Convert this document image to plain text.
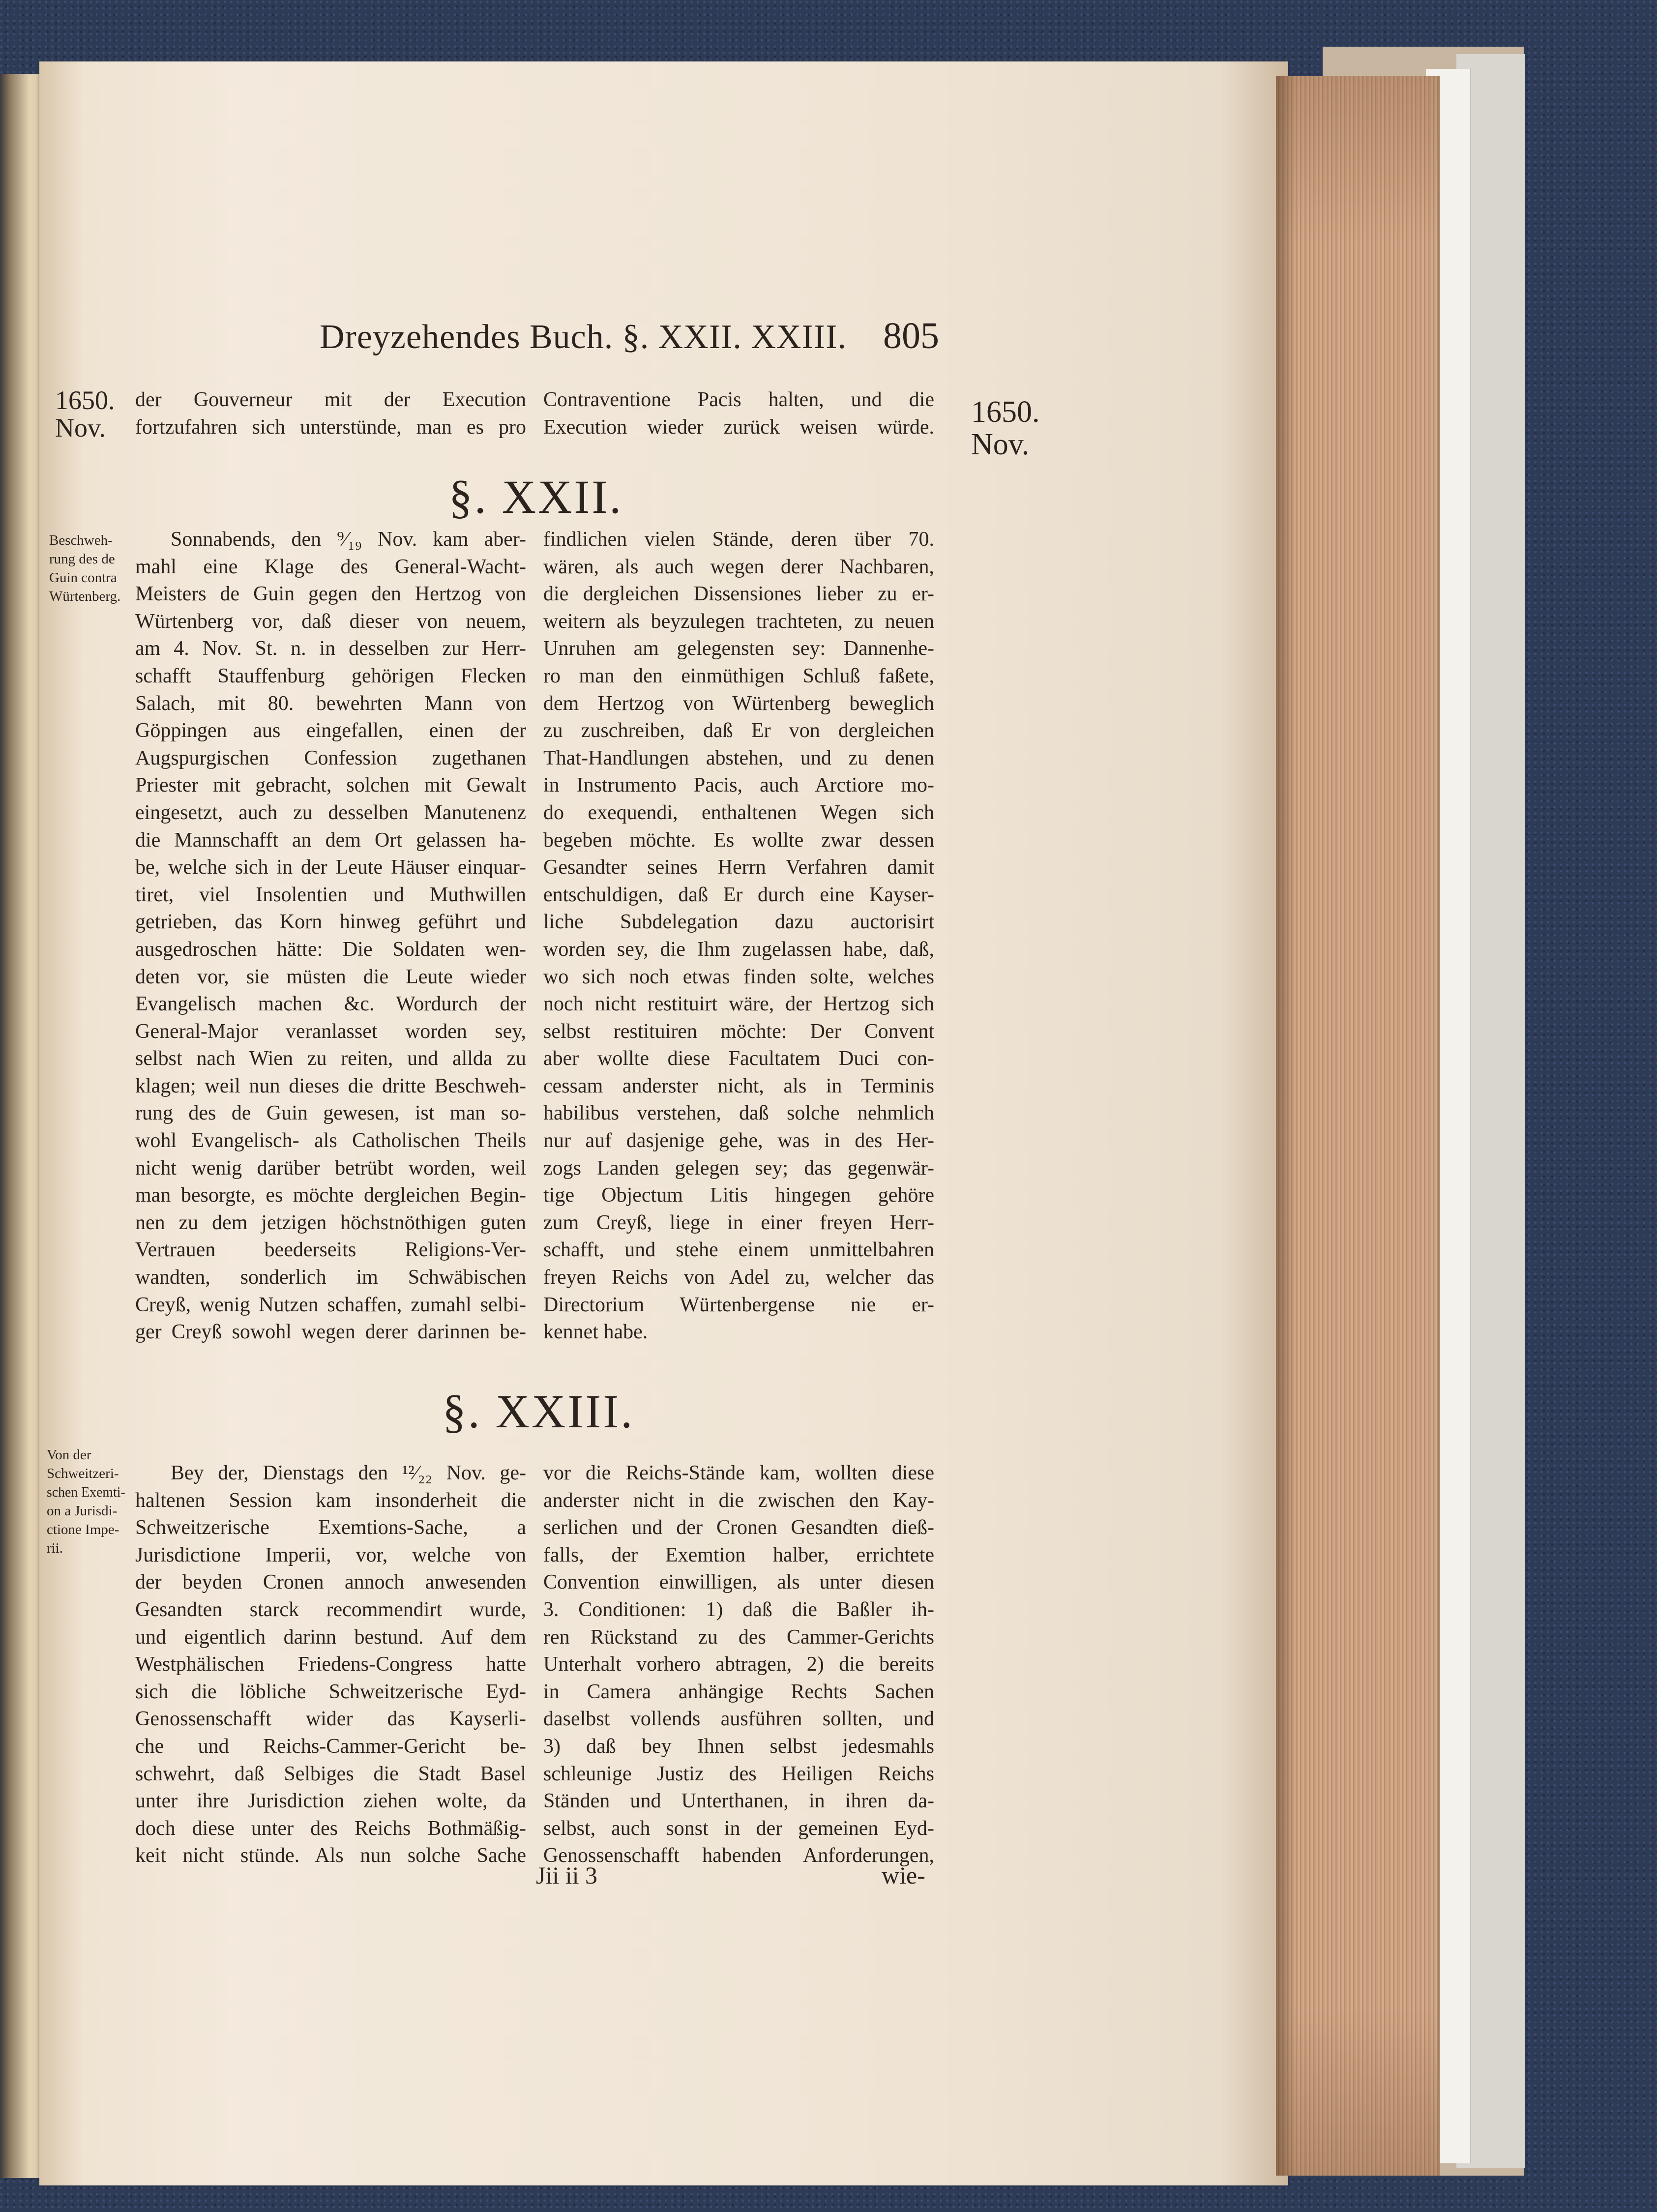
Dreyzehendes Buch. §. XXII. XXIII. 805
1650.
Nov.	1650.
Nov.
der Gouverneur mit der Execution
fortzufahren sich unterstünde, man es pro
Contraventione Pacis halten, und die
Execution wieder zurück weisen würde.
§. XXII.
Beschweh-
rung des de
Guin contra
Würtenberg.
Sonnabends, den ⁹⁄₁₉ Nov. kam aber-
mahl eine Klage des General-Wacht-
Meisters de Guin gegen den Hertzog von
Würtenberg vor, daß dieser von neuem,
am 4. Nov. St. n. in desselben zur Herr-
schafft Stauffenburg gehörigen Flecken
Salach, mit 80. bewehrten Mann von
Göppingen aus eingefallen, einen der
Augspurgischen Confession zugethanen
Priester mit gebracht, solchen mit Gewalt
eingesetzt, auch zu desselben Manutenenz
die Mannschafft an dem Ort gelassen ha-
be, welche sich in der Leute Häuser einquar-
tiret, viel Insolentien und Muthwillen
getrieben, das Korn hinweg geführt und
ausgedroschen hätte: Die Soldaten wen-
deten vor, sie müsten die Leute wieder
Evangelisch machen &c. Wordurch der
General-Major veranlasset worden sey,
selbst nach Wien zu reiten, und allda zu
klagen; weil nun dieses die dritte Beschweh-
rung des de Guin gewesen, ist man so-
wohl Evangelisch- als Catholischen Theils
nicht wenig darüber betrübt worden, weil
man besorgte, es möchte dergleichen Begin-
nen zu dem jetzigen höchstnöthigen guten
Vertrauen beederseits Religions-Ver-
wandten, sonderlich im Schwäbischen
Creyß, wenig Nutzen schaffen, zumahl selbi-
ger Creyß sowohl wegen derer darinnen be-
findlichen vielen Stände, deren über 70.
wären, als auch wegen derer Nachbaren,
die dergleichen Dissensiones lieber zu er-
weitern als beyzulegen trachteten, zu neuen
Unruhen am gelegensten sey: Dannenhe-
ro man den einmüthigen Schluß faßete,
dem Hertzog von Würtenberg beweglich
zu zuschreiben, daß Er von dergleichen
That-Handlungen abstehen, und zu denen
in Instrumento Pacis, auch Arctiore mo-
do exequendi, enthaltenen Wegen sich
begeben möchte. Es wollte zwar dessen
Gesandter seines Herrn Verfahren damit
entschuldigen, daß Er durch eine Kayser-
liche Subdelegation dazu auctorisirt
worden sey, die Ihm zugelassen habe, daß,
wo sich noch etwas finden solte, welches
noch nicht restituirt wäre, der Hertzog sich
selbst restituiren möchte: Der Convent
aber wollte diese Facultatem Duci con-
cessam anderster nicht, als in Terminis
habilibus verstehen, daß solche nehmlich
nur auf dasjenige gehe, was in des Her-
zogs Landen gelegen sey; das gegenwär-
tige Objectum Litis hingegen gehöre
zum Creyß, liege in einer freyen Herr-
schafft, und stehe einem unmittelbahren
freyen Reichs von Adel zu, welcher das
Directorium Würtenbergense nie er-
kennet habe.
§. XXIII.
Von der
Schweitzeri-
schen Exemti-
on a Jurisdi-
ctione Impe-
rii.
Bey der, Dienstags den ¹²⁄₂₂ Nov. ge-
haltenen Session kam insonderheit die
Schweitzerische Exemtions-Sache, a
Jurisdictione Imperii, vor, welche von
der beyden Cronen annoch anwesenden
Gesandten starck recommendirt wurde,
und eigentlich darinn bestund. Auf dem
Westphälischen Friedens-Congress hatte
sich die löbliche Schweitzerische Eyd-
Genossenschafft wider das Kayserli-
che und Reichs-Cammer-Gericht be-
schwehrt, daß Selbiges die Stadt Basel
unter ihre Jurisdiction ziehen wolte, da
doch diese unter des Reichs Bothmäßig-
keit nicht stünde. Als nun solche Sache
vor die Reichs-Stände kam, wollten diese
anderster nicht in die zwischen den Kay-
serlichen und der Cronen Gesandten dieß-
falls, der Exemtion halber, errichtete
Convention einwilligen, als unter diesen
3. Conditionen: 1) daß die Baßler ih-
ren Rückstand zu des Cammer-Gerichts
Unterhalt vorhero abtragen, 2) die bereits
in Camera anhängige Rechts Sachen
daselbst vollends ausführen sollten, und
3) daß bey Ihnen selbst jedesmahls
schleunige Justiz des Heiligen Reichs
Ständen und Unterthanen, in ihren da-
selbst, auch sonst in der gemeinen Eyd-
Genossenschafft habenden Anforderungen,
Jii ii 3	wie-
